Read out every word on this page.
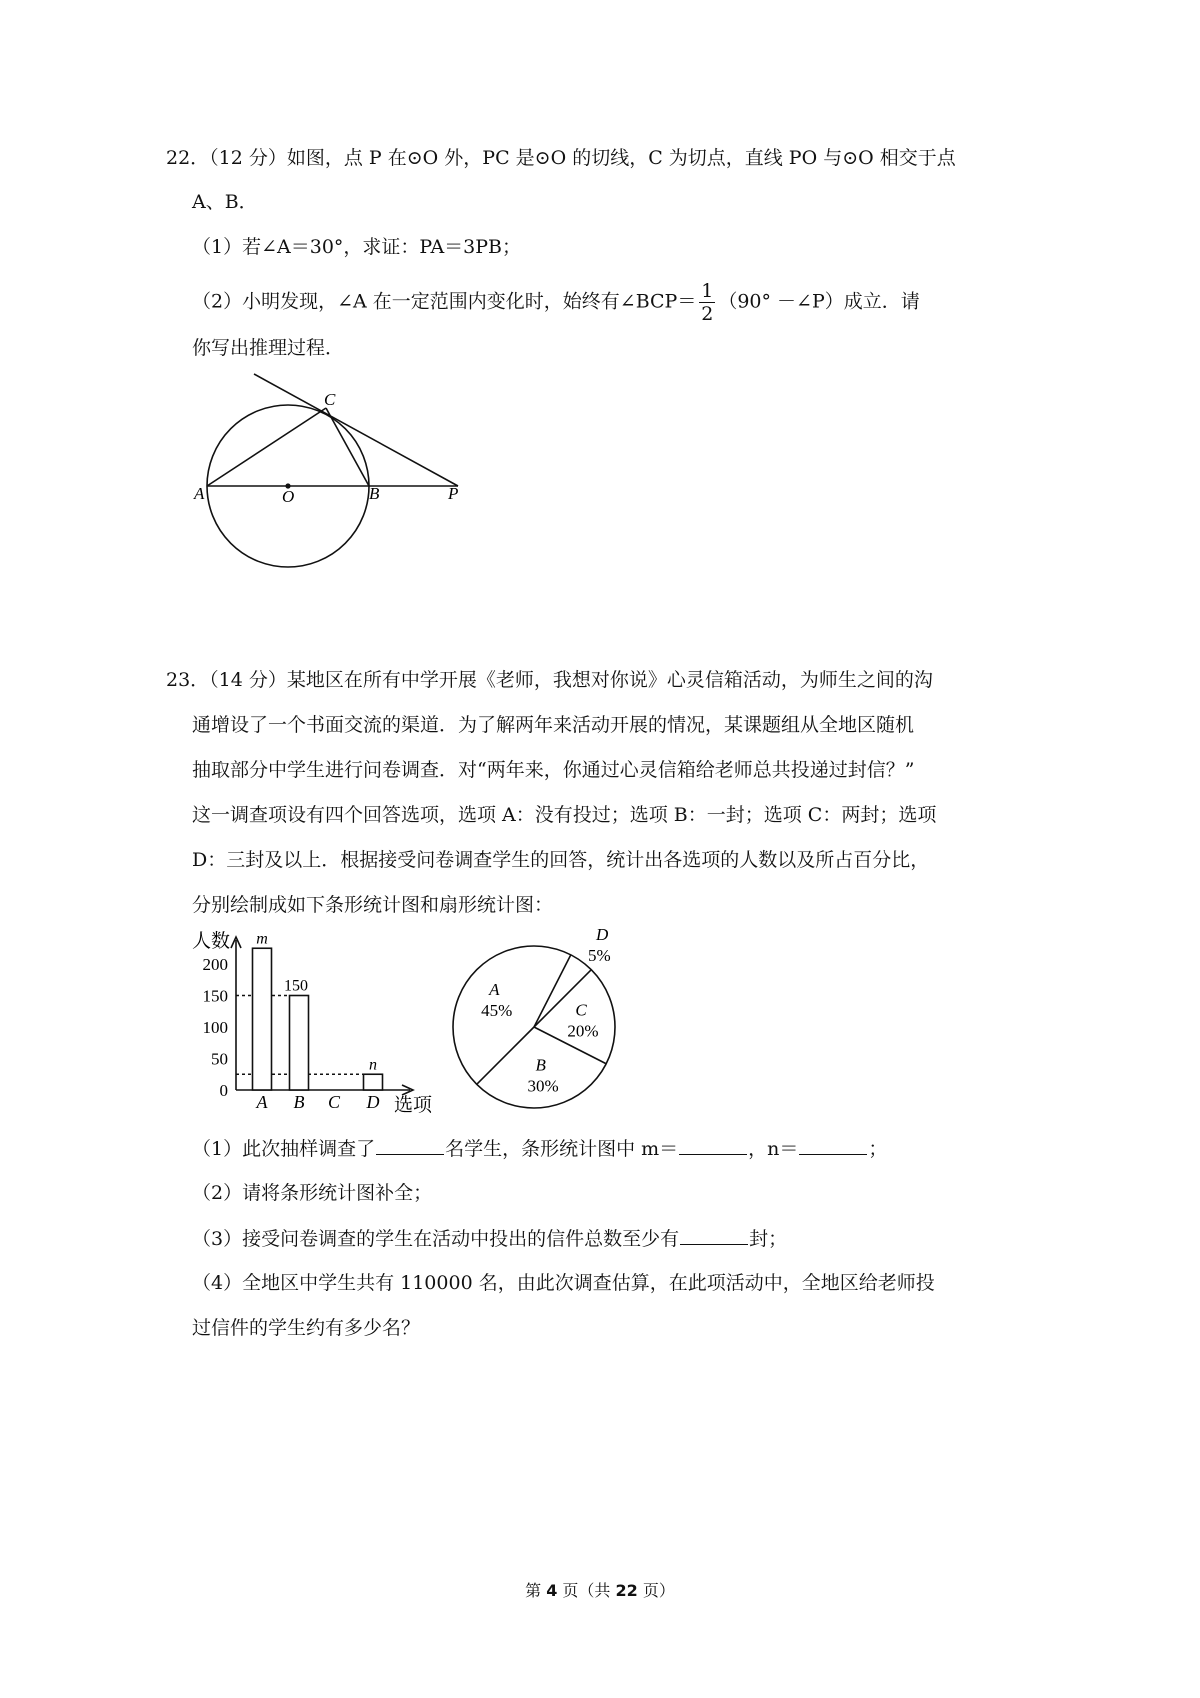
22．（12 分）如图，点 P 在⊙O 外，PC 是⊙O 的切线，C 为切点，直线 PO 与⊙O 相交于点
A、B．
（1）若∠A＝30°，求证：PA＝3PB；
（2）小明发现，∠A 在一定范围内变化时，始终有∠BCP＝ $\frac{1}{2} (90^\circ$ －∠P）成立．请
你写出推理过程．
C
A	O	B	P
23．（14 分）某地区在所有中学开展《老师，我想对你说》心灵信箱活动，为师生之间的沟
通增设了一个书面交流的渠道．为了解两年来活动开展的情况，某课题组从全地区随机
抽取部分中学生进行问卷调查．对“两年来，你通过心灵信箱给老师总共投递过封信？”
这一调查项设有四个回答选项，选项 A：没有投过；选项 B：一封；选项 C：两封；选项
D：三封及以上．根据接受问卷调查学生的回答，统计出各选项的人数以及所占百分比，
分别绘制成如下条形统计图和扇形统计图：
人数
选项
0
50
100
150
200
m
A
150
B C
n
D
A
45%
B
30%
C
20%
D
5%
（1）此次抽样调查了	名学生，条形统计图中 m＝	，n＝	；
（2）请将条形统计图补全；
（3）接受问卷调查的学生在活动中投出的信件总数至少有	封；
（4）全地区中学生共有 110000 名，由此次调查估算，在此项活动中，全地区给老师投
过信件的学生约有多少名？
第 4 页（共 22 页）
